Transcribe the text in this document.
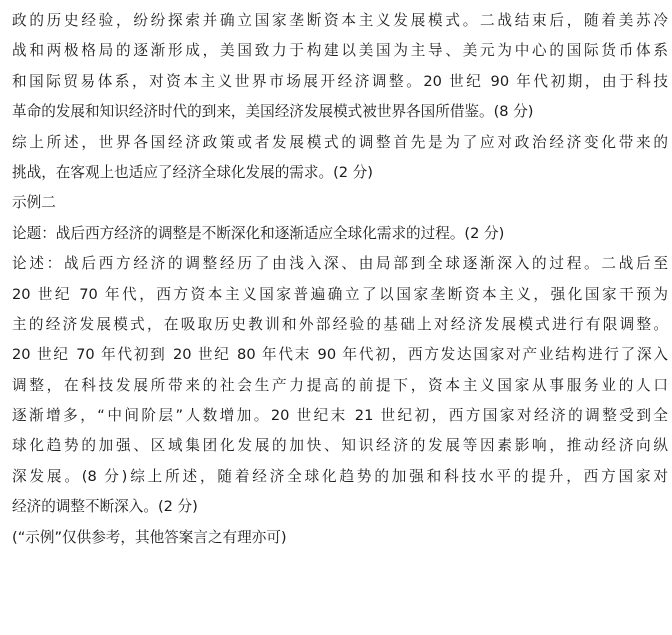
政的历史经验，纷纷探索并确立国家垄断资本主义发展模式。二战结束后，随着美苏冷
战和两极格局的逐渐形成，美国致力于构建以美国为主导、美元为中心的国际货币体系
和国际贸易体系，对资本主义世界市场展开经济调整。20 世纪 90 年代初期，由于科技
革命的发展和知识经济时代的到来，美国经济发展模式被世界各国所借鉴。(8 分)
综上所述，世界各国经济政策或者发展模式的调整首先是为了应对政治经济变化带来的
挑战，在客观上也适应了经济全球化发展的需求。(2 分)
示例二
论题：战后西方经济的调整是不断深化和逐渐适应全球化需求的过程。(2 分)
论述：战后西方经济的调整经历了由浅入深、由局部到全球逐渐深入的过程。二战后至
20 世纪 70 年代，西方资本主义国家普遍确立了以国家垄断资本主义，强化国家干预为
主的经济发展模式，在吸取历史教训和外部经验的基础上对经济发展模式进行有限调整。
20 世纪 70 年代初到 20 世纪 80 年代末 90 年代初，西方发达国家对产业结构进行了深入
调整，在科技发展所带来的社会生产力提高的前提下，资本主义国家从事服务业的人口
逐渐增多，“中间阶层”人数增加。20 世纪末 21 世纪初，西方国家对经济的调整受到全
球化趋势的加强、区域集团化发展的加快、知识经济的发展等因素影响，推动经济向纵
深发展。(8 分)综上所述，随着经济全球化趋势的加强和科技水平的提升，西方国家对
经济的调整不断深入。(2 分)
(“示例”仅供参考，其他答案言之有理亦可)
